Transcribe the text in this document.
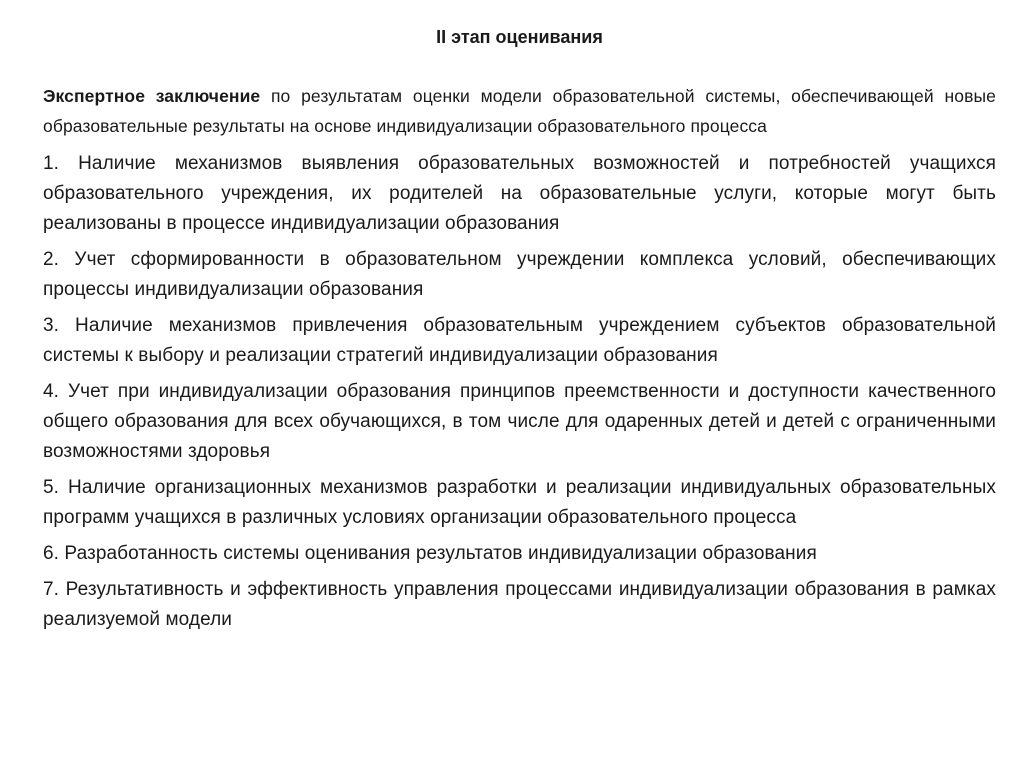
II этап оценивания

Экспертное заключение по результатам оценки модели образовательной системы, обеспечивающей новые образовательные результаты на основе индивидуализации образовательного процесса

1. Наличие механизмов выявления образовательных возможностей и потребностей учащихся образовательного учреждения, их родителей на образовательные услуги, которые могут быть реализованы в процессе индивидуализации образования

2. Учет сформированности в образовательном учреждении комплекса условий, обеспечивающих процессы индивидуализации образования

3. Наличие механизмов привлечения образовательным учреждением субъектов образовательной системы к выбору и реализации стратегий индивидуализации образования

4. Учет при индивидуализации образования принципов преемственности и доступности качественного общего образования для всех обучающихся, в том числе для одаренных детей и детей с ограниченными возможностями здоровья

5. Наличие организационных механизмов разработки и реализации индивидуальных образовательных программ учащихся в различных условиях организации образовательного процесса

6. Разработанность системы оценивания результатов индивидуализации образования

7. Результативность и эффективность управления процессами индивидуализации образования в рамках реализуемой модели
